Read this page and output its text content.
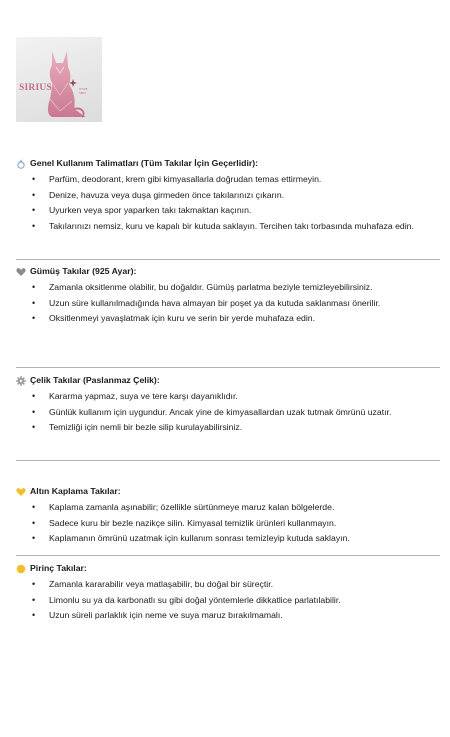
SIRIUS	JEWE
SHO
Genel Kullanım Talimatları (Tüm Takılar İçin Geçerlidir):
• Parfüm, deodorant, krem gibi kimyasallarla doğrudan temas ettirmeyin.
• Denize, havuza veya duşa girmeden önce takılarınızı çıkarın.
• Uyurken veya spor yaparken takı takmaktan kaçının.
• Takılarınızı nemsiz, kuru ve kapalı bir kutuda saklayın. Tercihen takı torbasında muhafaza edin.
Gümüş Takılar (925 Ayar):
• Zamanla oksitlenme olabilir, bu doğaldır. Gümüş parlatma beziyle temizleyebilirsiniz.
• Uzun süre kullanılmadığında hava almayan bir poşet ya da kutuda saklanması önerilir.
• Oksitlenmeyi yavaşlatmak için kuru ve serin bir yerde muhafaza edin.
Çelik Takılar (Paslanmaz Çelik):
• Kararma yapmaz, suya ve tere karşı dayanıklıdır.
• Günlük kullanım için uygundur. Ancak yine de kimyasallardan uzak tutmak ömrünü uzatır.
• Temizliği için nemli bir bezle silip kurulayabilirsiniz.
Altın Kaplama Takılar:
• Kaplama zamanla aşınabilir; özellikle sürtünmeye maruz kalan bölgelerde.
• Sadece kuru bir bezle nazikçe silin. Kimyasal temizlik ürünleri kullanmayın.
• Kaplamanın ömrünü uzatmak için kullanım sonrası temizleyip kutuda saklayın.
Pirinç Takılar:
• Zamanla kararabilir veya matlaşabilir, bu doğal bir süreçtir.
• Limonlu su ya da karbonatlı su gibi doğal yöntemlerle dikkatlice parlatılabilir.
• Uzun süreli parlaklık için neme ve suya maruz bırakılmamalı.
